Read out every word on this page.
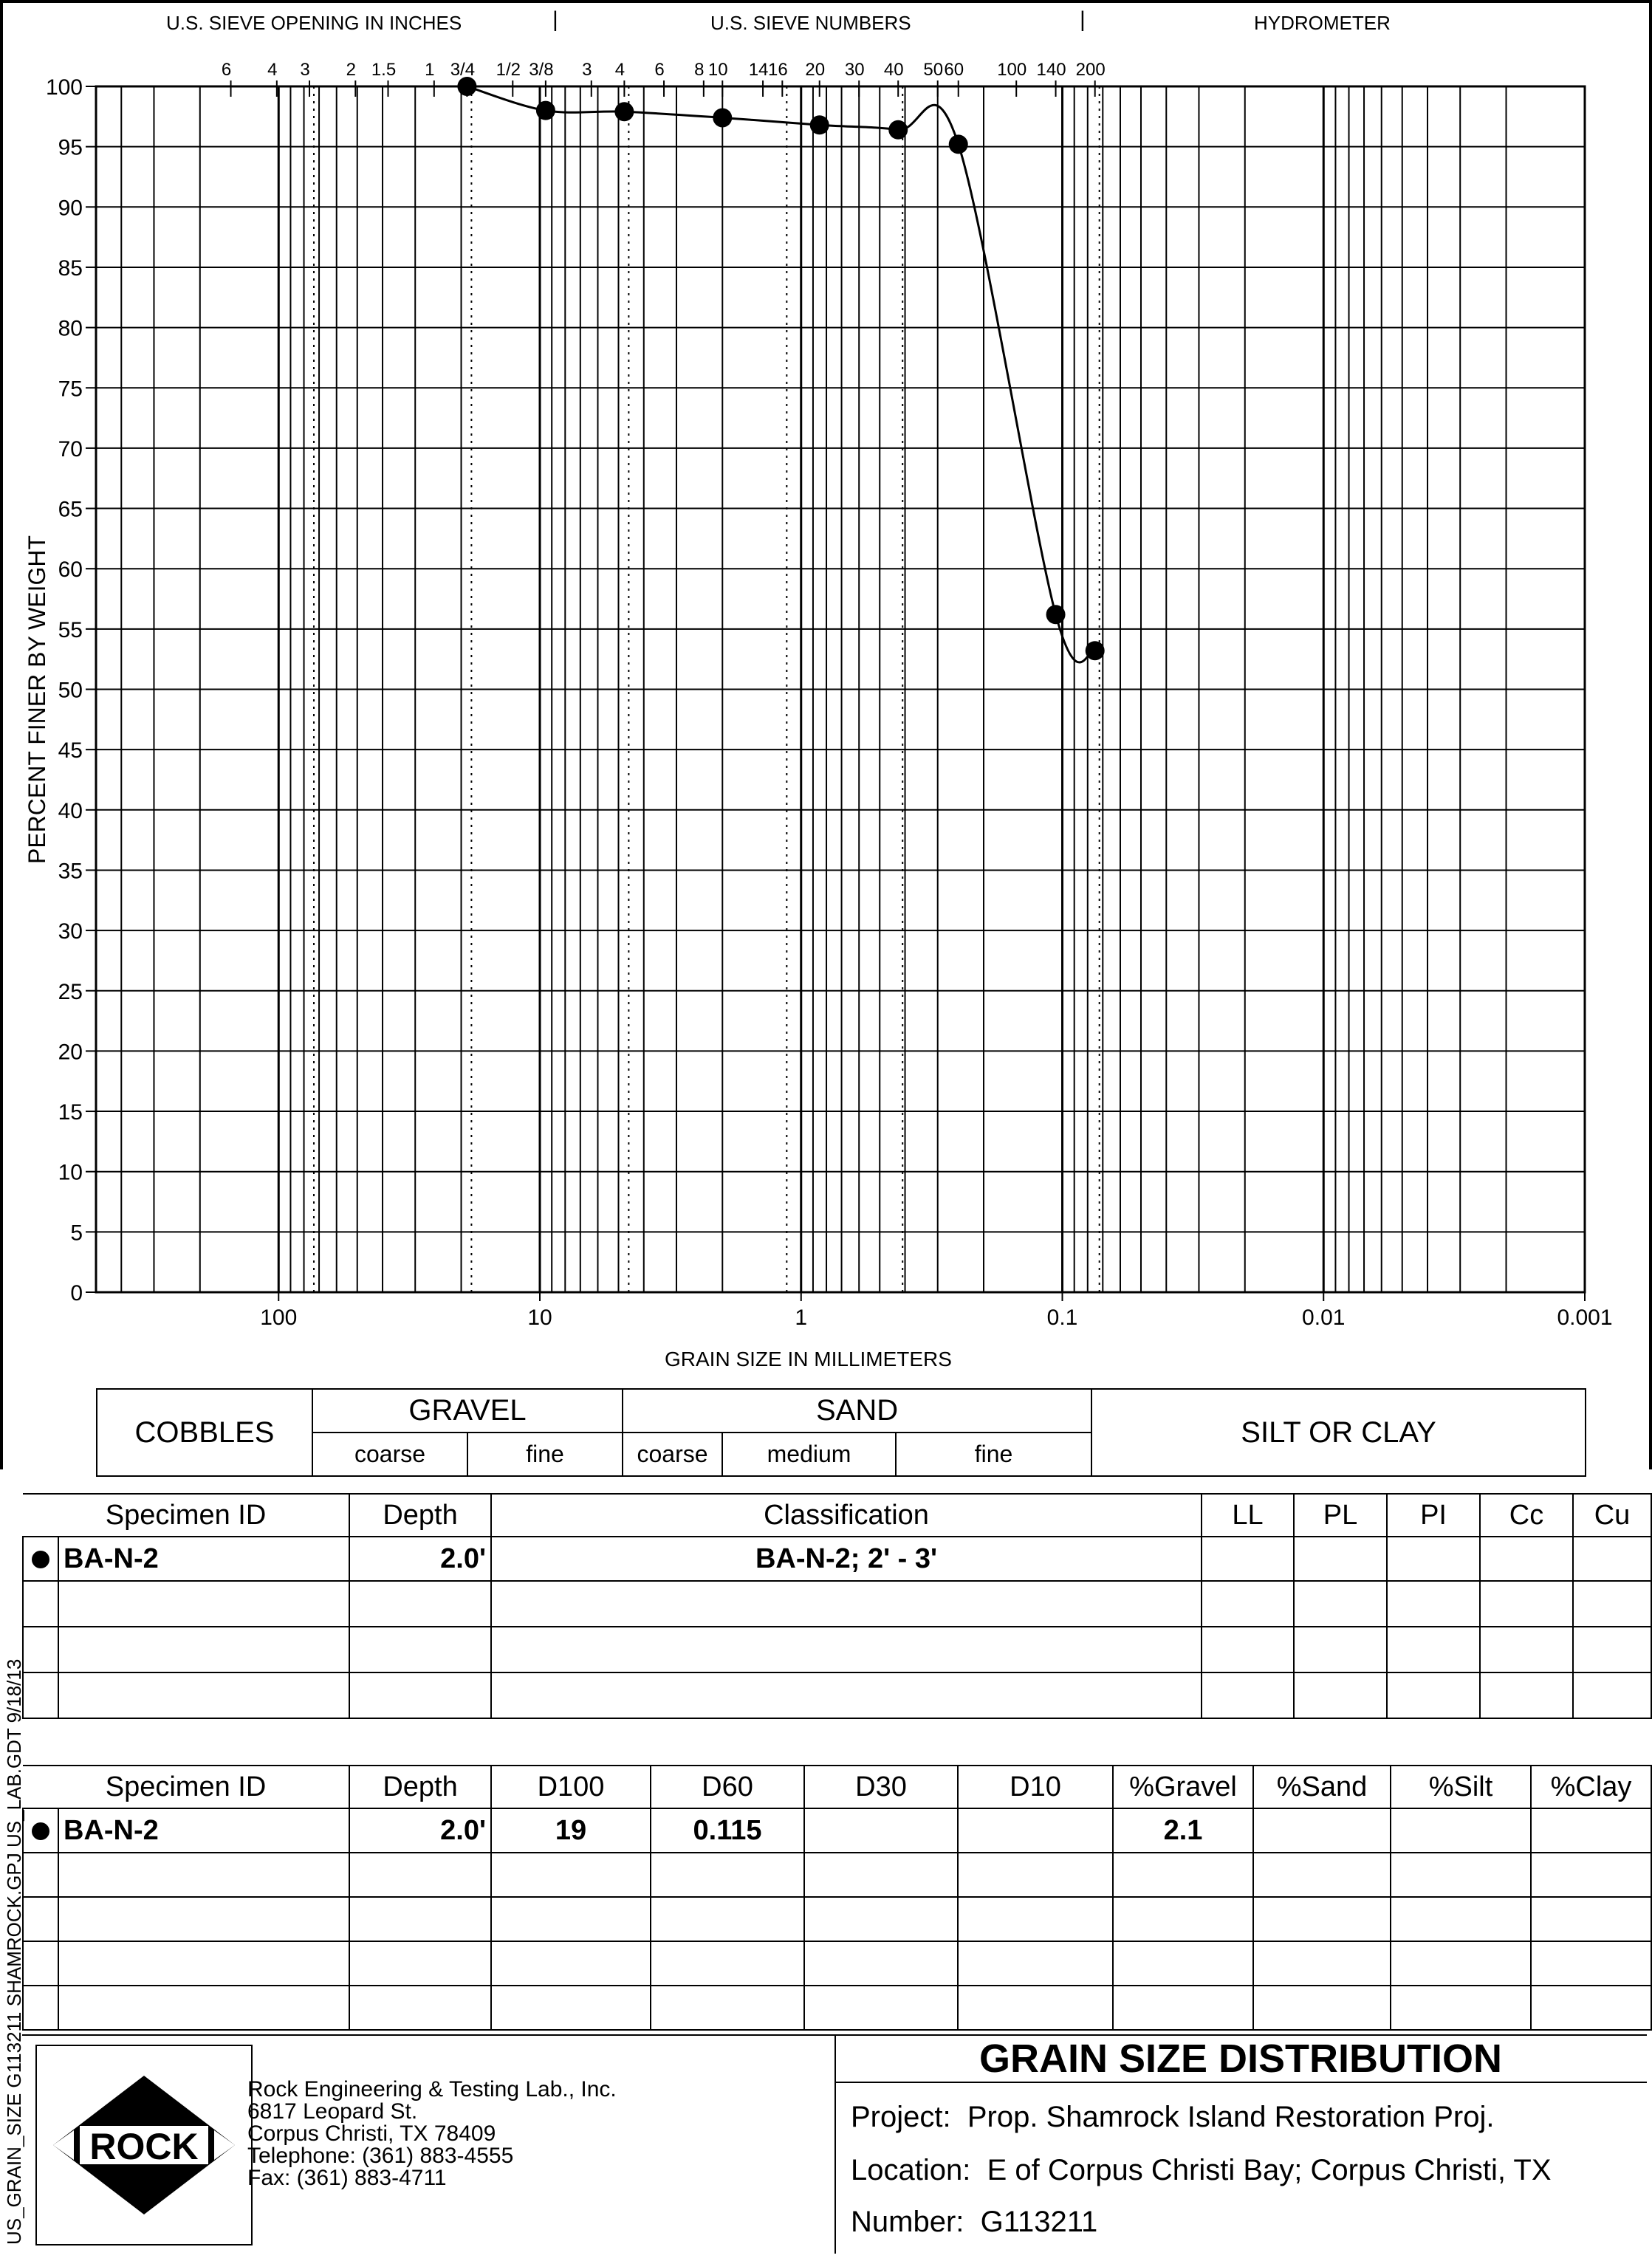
0
5
10
15
20
25
30
35
40
45
50
55
60
65
70
75
80
85
90
95
100
100	10	1	0.1	0.01	0.001
6 4 3 2 1.5 1 3/4 1/2 3/8 3 4 6 8 10 14 16 20 30 40 50 60 100 140 200
U.S. SIEVE OPENING IN INCHES	|	U.S. SIEVE NUMBERS	|	HYDROMETER
GRAIN SIZE IN MILLIMETERS
PERCENT FINER BY WEIGHT
COBBLES	GRAVEL		SAND			SILT OR CLAY
	coarse	fine	coarse	medium	fine	
Specimen ID		Depth	Classification	LL	PL	PI	Cc	Cu
	BA-N-2	2.0'	BA-N-2; 2' - 3'					

Specimen ID		Depth	D100	D60	D30	D10	%Gravel	%Sand	%Silt	%Clay
	BA-N-2	2.0'	19	0.115			2.1			

ROCK
Rock Engineering & Testing Lab., Inc.
6817 Leopard St.
Corpus Christi, TX 78409
Telephone: (361) 883-4555
Fax: (361) 883-4711
GRAIN SIZE DISTRIBUTION
Project: Prop. Shamrock Island Restoration Proj.
Location: E of Corpus Christi Bay; Corpus Christi, TX
Number: G113211
US_GRAIN_SIZE G113211 SHAMROCK.GPJ US_LAB.GDT 9/18/13
